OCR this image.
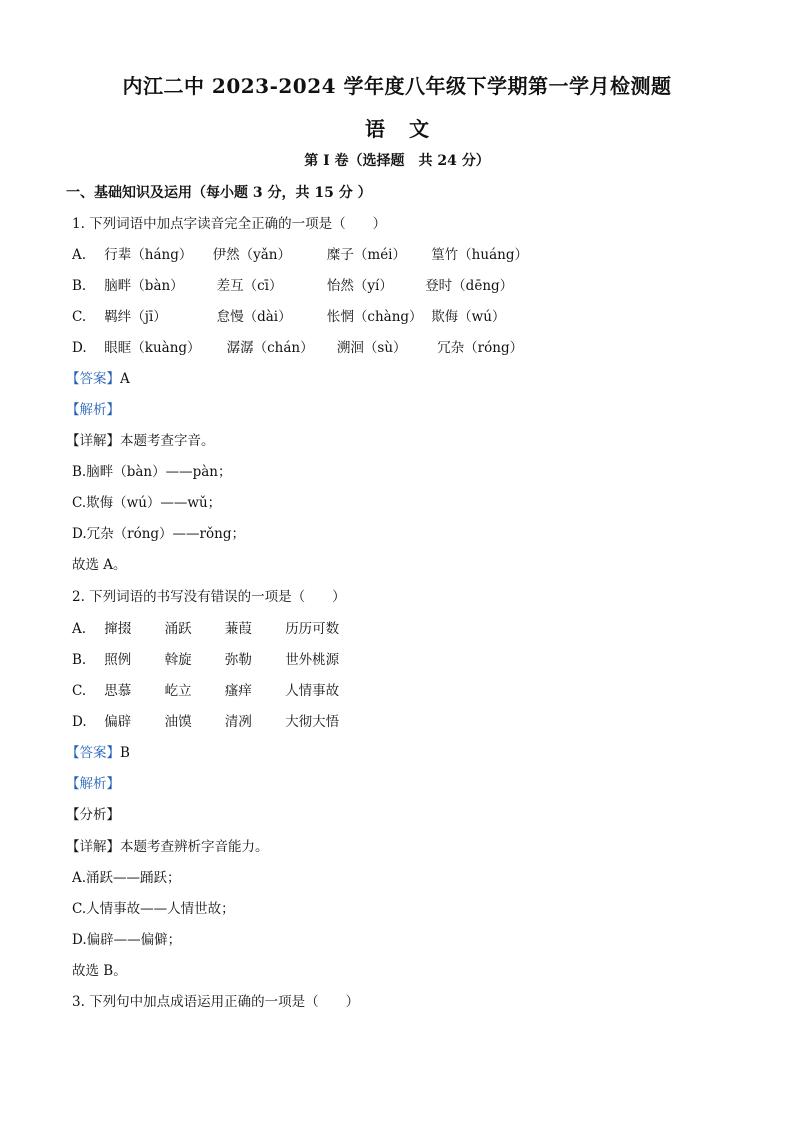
内江二中 2023-2024 学年度八年级下学期第一学月检测题
语文
第 I 卷（选择题　共 24 分）
一、基础知识及运用（每小题 3 分，共 15 分 ）
1. 下列词语中加点字读音完全正确的一项是（　　）
A. 行辈（háng） 伊然（yǎn）	糜子（méi） 篁竹（huáng）
B. 脑畔（bàn） 差互（cī）	怡然（yí） 登时（dēng）
C. 羁绊（jī）	怠慢（dài）	怅惘（chàng） 欺侮（wú）
D. 眼眶（kuàng） 潺潺（chán） 溯洄（sù） 冗杂（róng）
【答案】A
【解析】
【详解】本题考查字音。
B.脑畔（bàn）——pàn；
C.欺侮（wú）——wǔ；
D.冗杂（róng）——rǒng；
故选 A。
2. 下列词语的书写没有错误的一项是（　　）
A. 撺掇 涌跃 蒹葭 历历可数
B. 照例 斡旋 弥勒 世外桃源
C. 思慕 屹立 瘙痒 人情事故
D. 偏辟 油馍 清冽 大彻大悟
【答案】B
【解析】
【分析】
【详解】本题考查辨析字音能力。
A.涌跃——踊跃；
C.人情事故——人情世故；
D.偏辟——偏僻；
故选 B。
3. 下列句中加点成语运用正确的一项是（　　）
